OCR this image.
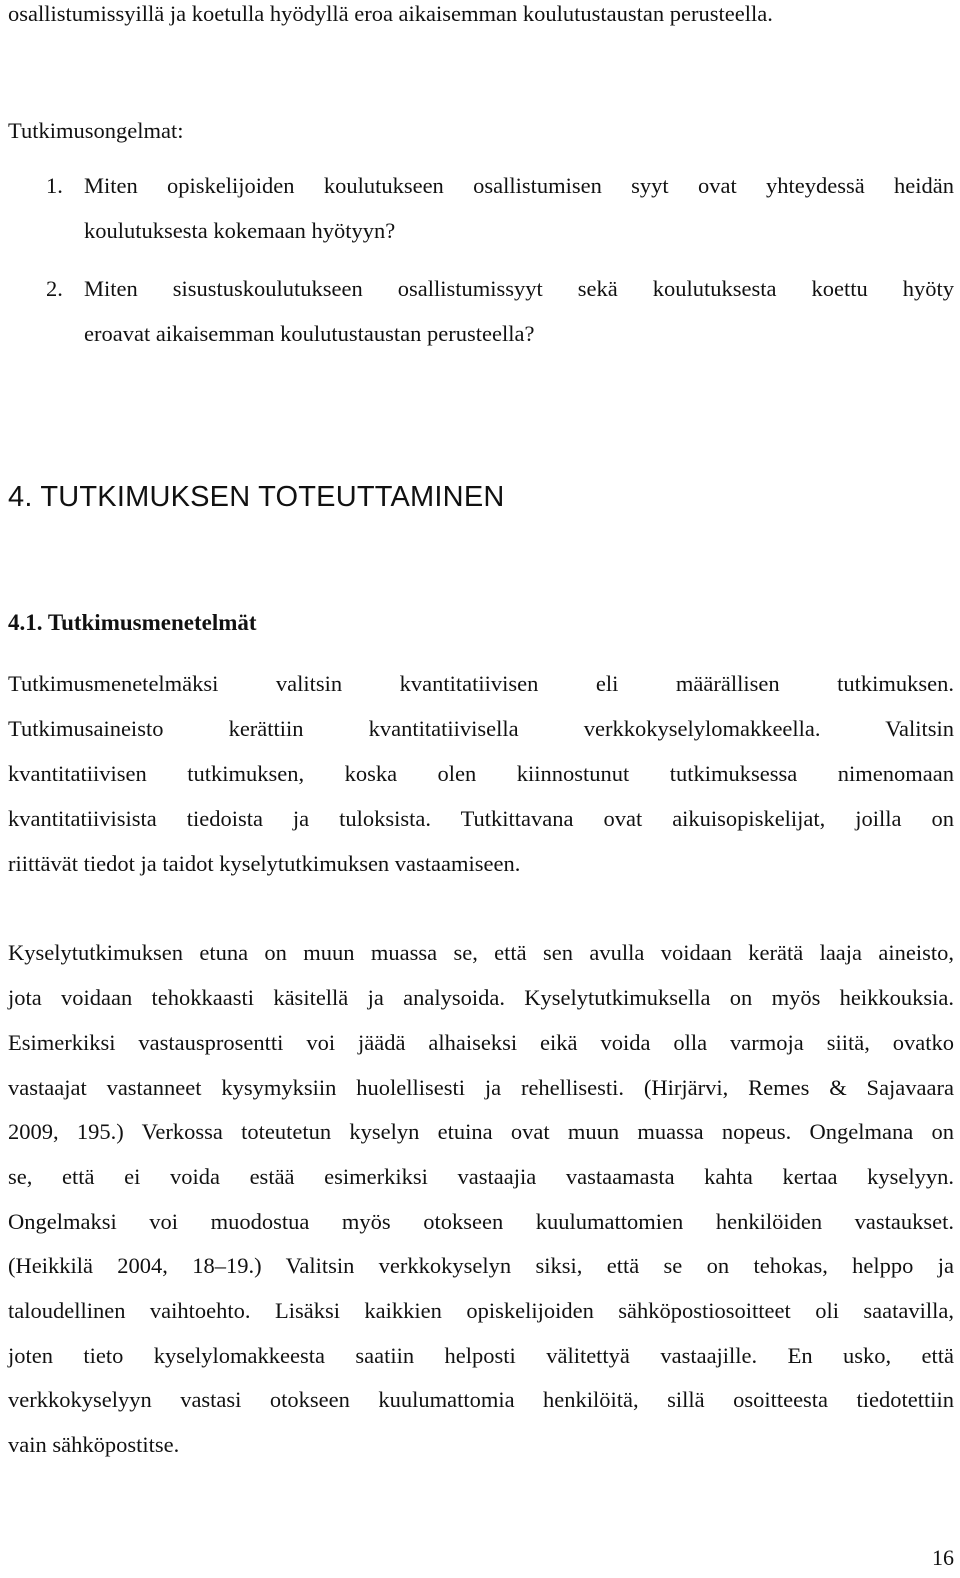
osallistumissyillä ja koetulla hyödyllä eroa aikaisemman koulutustaustan perusteella.
Tutkimusongelmat:
1. Miten opiskelijoiden koulutukseen osallistumisen syyt ovat yhteydessä heidän
koulutuksesta kokemaan hyötyyn?
2. Miten sisustuskoulutukseen osallistumissyyt sekä koulutuksesta koettu hyöty
eroavat aikaisemman koulutustaustan perusteella?
4. TUTKIMUKSEN TOTEUTTAMINEN
4.1. Tutkimusmenetelmät
Tutkimusmenetelmäksi valitsin kvantitatiivisen eli määrällisen tutkimuksen.
Tutkimusaineisto kerättiin kvantitatiivisella verkkokyselylomakkeella. Valitsin
kvantitatiivisen tutkimuksen, koska olen kiinnostunut tutkimuksessa nimenomaan
kvantitatiivisista tiedoista ja tuloksista. Tutkittavana ovat aikuisopiskelijat, joilla on
riittävät tiedot ja taidot kyselytutkimuksen vastaamiseen.
Kyselytutkimuksen etuna on muun muassa se, että sen avulla voidaan kerätä laaja aineisto,
jota voidaan tehokkaasti käsitellä ja analysoida. Kyselytutkimuksella on myös heikkouksia.
Esimerkiksi vastausprosentti voi jäädä alhaiseksi eikä voida olla varmoja siitä, ovatko
vastaajat vastanneet kysymyksiin huolellisesti ja rehellisesti. (Hirjärvi, Remes & Sajavaara
2009, 195.) Verkossa toteutetun kyselyn etuina ovat muun muassa nopeus. Ongelmana on
se, että ei voida estää esimerkiksi vastaajia vastaamasta kahta kertaa kyselyyn.
Ongelmaksi voi muodostua myös otokseen kuulumattomien henkilöiden vastaukset.
(Heikkilä 2004, 18–19.) Valitsin verkkokyselyn siksi, että se on tehokas, helppo ja
taloudellinen vaihtoehto. Lisäksi kaikkien opiskelijoiden sähköpostiosoitteet oli saatavilla,
joten tieto kyselylomakkeesta saatiin helposti välitettyä vastaajille. En usko, että
verkkokyselyyn vastasi otokseen kuulumattomia henkilöitä, sillä osoitteesta tiedotettiin
vain sähköpostitse.
16
